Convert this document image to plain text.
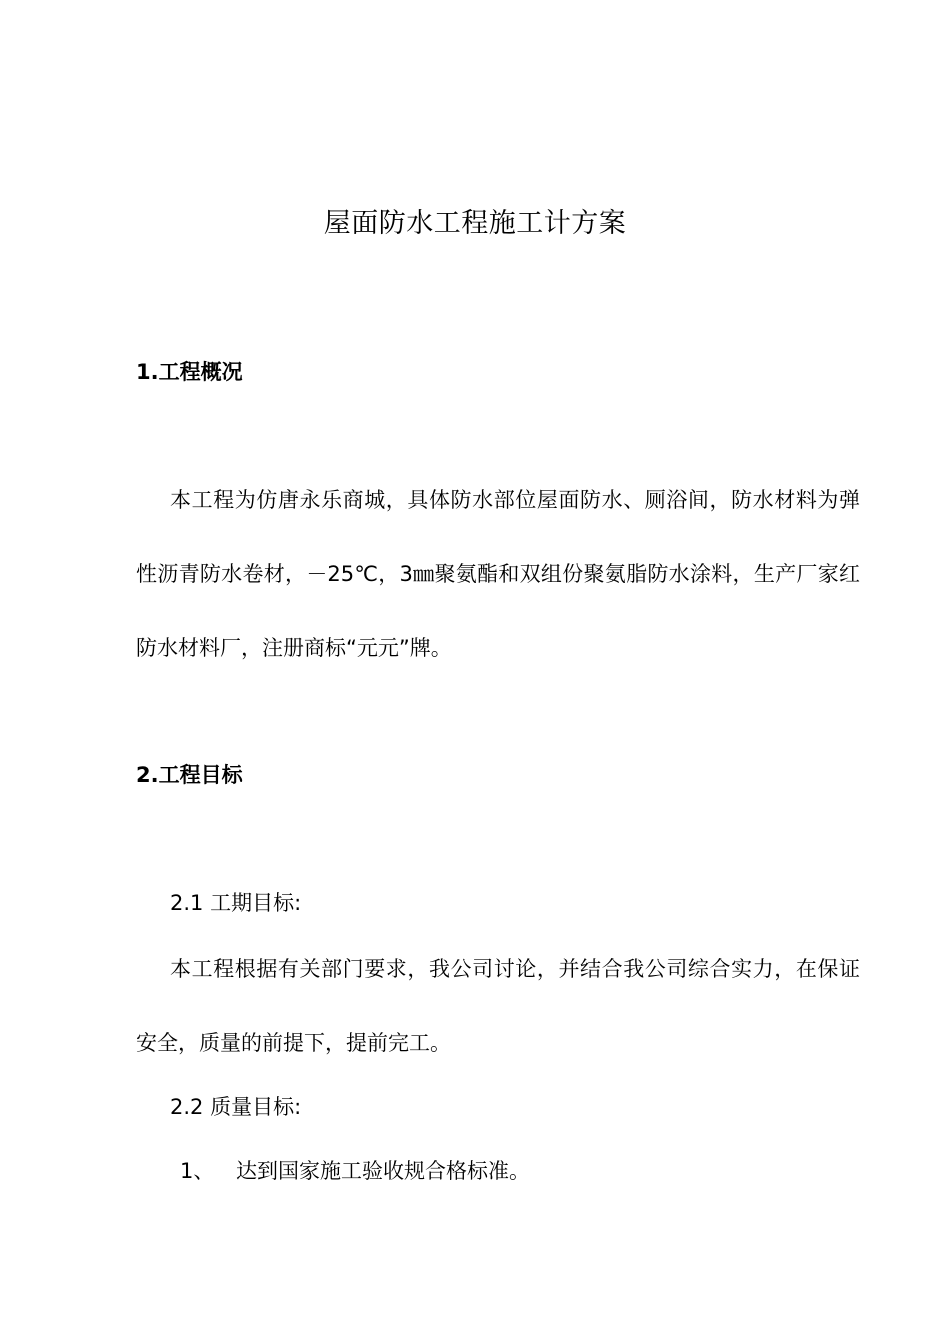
屋面防水工程施工计方案
1.工程概况

本工程为仿唐永乐商城，具体防水部位屋面防水、厕浴间，防水材料为弹性沥青防水卷材，－25℃，3㎜聚氨酯和双组份聚氨脂防水涂料，生产厂家红防水材料厂，注册商标“元元”牌。

2.工程目标
2.1 工期目标:

本工程根据有关部门要求，我公司讨论，并结合我公司综合实力，在保证安全，质量的前提下，提前完工。

2.2 质量目标:
1、 达到国家施工验收规合格标准。
